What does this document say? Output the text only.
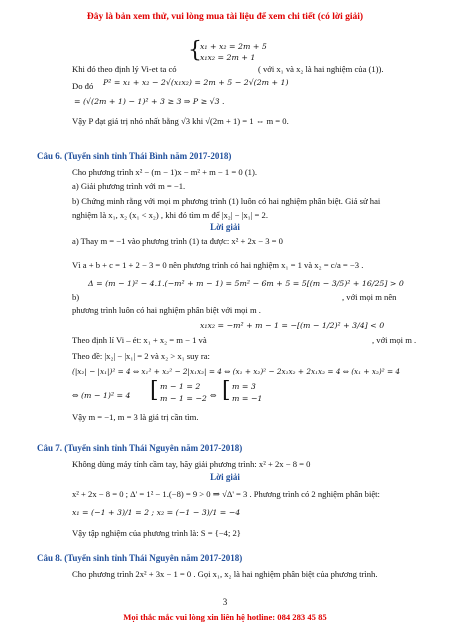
Đây là bản xem thử, vui lòng mua tài liệu để xem chi tiết (có lời giải)
{
x₁ + x₂ = 2m + 5
x₁x₂ = 2m + 1
Khi đó theo định lý Vi-et ta có	( với x₁ và x₂ là hai nghiệm của (1)).
Do đó P² = x₁ + x₂ − 2√(x₁x₂) = 2m + 5 − 2√(2m + 1)
= (√(2m + 1) − 1)² + 3 ≥ 3 ⇒ P ≥ √3 .
Vậy P đạt giá trị nhỏ nhất bằng √3 khi √(2m + 1) = 1 ⇔ m = 0.
Câu 6. (Tuyển sinh tỉnh Thái Bình năm 2017-2018)
Cho phương trình x² − (m − 1)x − m² + m − 1 = 0 (1).
a) Giải phương trình với m = −1.
b) Chứng minh rằng với mọi m phương trình (1) luôn có hai nghiệm phân biệt. Giả sử hai
nghiệm là x₁, x₂ (x₁ < x₂) , khi đó tìm m để |x₂| − |x₁| = 2.
Lời giải
a) Thay m = −1 vào phương trình (1) ta được: x² + 2x − 3 = 0
Vì a + b + c = 1 + 2 − 3 = 0 nên phương trình có hai nghiệm x₁ = 1 và x₂ = c/a = −3 .
Δ = (m − 1)² − 4.1.(−m² + m − 1) = 5m² − 6m + 5 = 5[(m − 3/5)² + 16/25] > 0
b)	, với mọi m nên
phương trình luôn có hai nghiệm phân biệt với mọi m .
x₁x₂ = −m² + m − 1 = −[(m − 1/2)² + 3/4] < 0
Theo định lí Vi – ét: x₁ + x₂ = m − 1 và	, với mọi m .
Theo đề: |x₂| − |x₁| = 2 và x₂ > x₁ suy ra:
(|x₂| − |x₁|)² = 4 ⇔ x₁² + x₂² − 2|x₁x₂| = 4 ⇔ (x₁ + x₂)² − 2x₁x₂ + 2x₁x₂ = 4 ⇔ (x₁ + x₂)² = 4
⇔ (m − 1)² = 4 [ m − 1 = 2
m − 1 = −2 ⇔ [ m = 3
m = −1
Vậy m = −1, m = 3 là giá trị cần tìm.
Câu 7. (Tuyển sinh tỉnh Thái Nguyên năm 2017-2018)
Không dùng máy tính cầm tay, hãy giải phương trình: x² + 2x − 8 = 0
Lời giải
x² + 2x − 8 = 0 ; Δ' = 1² − 1.(−8) = 9 > 0 ⇒ √Δ' = 3 . Phương trình có 2 nghiệm phân biệt:
x₁ = (−1 + 3)/1 = 2 ; x₂ = (−1 − 3)/1 = −4
Vậy tập nghiệm của phương trình là: S = {−4; 2}
Câu 8. (Tuyển sinh tỉnh Thái Nguyên năm 2017-2018)
Cho phương trình 2x² + 3x − 1 = 0 . Gọi x₁, x₂ là hai nghiệm phân biệt của phương trình.
3
Mọi thắc mắc vui lòng xin liên hệ hotline: 084 283 45 85
